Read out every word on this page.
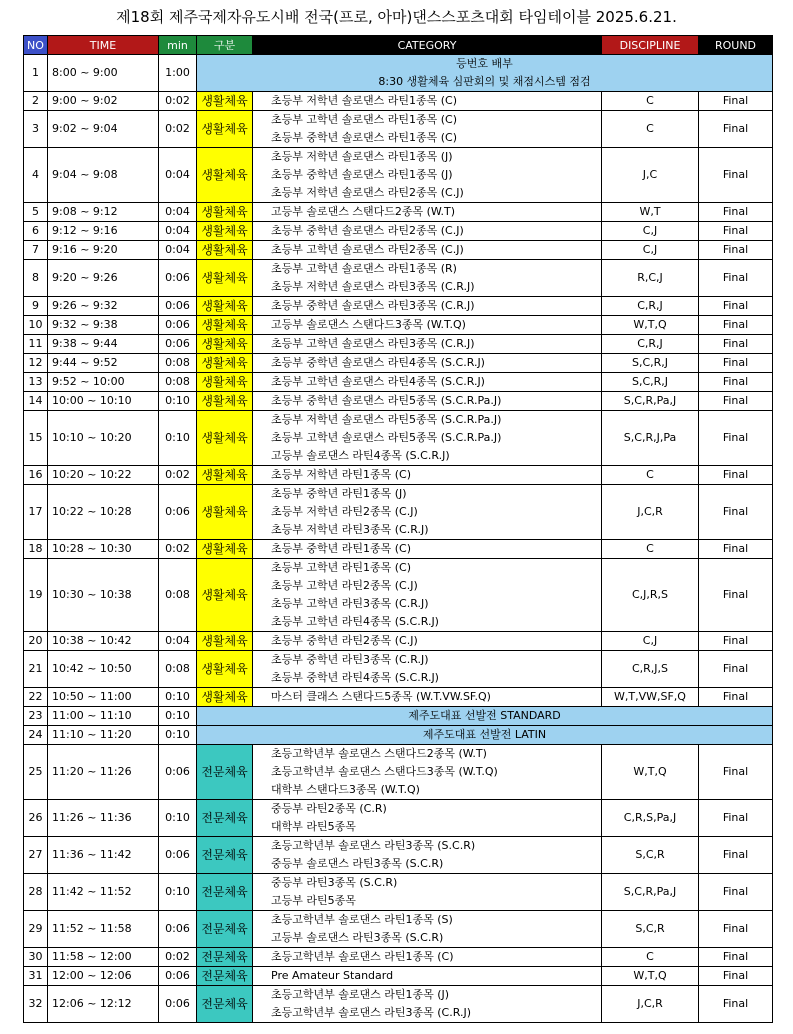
제18회 제주국제자유도시배 전국(프로, 아마)댄스스포츠대회 타임테이블 2025.6.21.
NO	TIME	min	구분	CATEGORY	DISCIPLINE	ROUND
1	8:00 ~ 9:00	1:00	등번호 배부
8:30 생활체육 심판회의 및 채점시스템 점검			

2	9:00 ~ 9:02	0:02	생활체육	초등부 저학년 솔로댄스 라틴1종목 (C)	C	Final
3	9:02 ~ 9:04	0:02	생활체육	초등부 고학년 솔로댄스 라틴1종목 (C)
초등부 중학년 솔로댄스 라틴1종목 (C)	C	Final
4	9:04 ~ 9:08	0:04	생활체육	초등부 저학년 솔로댄스 라틴1종목 (J)
초등부 중학년 솔로댄스 라틴1종목 (J)
초등부 저학년 솔로댄스 라틴2종목 (C.J)	J,C	Final
5	9:08 ~ 9:12	0:04	생활체육	고등부 솔로댄스 스탠다드2종목 (W.T)	W,T	Final
6	9:12 ~ 9:16	0:04	생활체육	초등부 중학년 솔로댄스 라틴2종목 (C.J)	C,J	Final
7	9:16 ~ 9:20	0:04	생활체육	초등부 고학년 솔로댄스 라틴2종목 (C.J)	C,J	Final
8	9:20 ~ 9:26	0:06	생활체육	초등부 고학년 솔로댄스 라틴1종목 (R)
초등부 저학년 솔로댄스 라틴3종목 (C.R.J)	R,C,J	Final
9	9:26 ~ 9:32	0:06	생활체육	초등부 중학년 솔로댄스 라틴3종목 (C.R.J)	C,R,J	Final
10	9:32 ~ 9:38	0:06	생활체육	고등부 솔로댄스 스탠다드3종목 (W.T.Q)	W,T,Q	Final
11	9:38 ~ 9:44	0:06	생활체육	초등부 고학년 솔로댄스 라틴3종목 (C.R.J)	C,R,J	Final
12	9:44 ~ 9:52	0:08	생활체육	초등부 중학년 솔로댄스 라틴4종목 (S.C.R.J)	S,C,R,J	Final
13	9:52 ~ 10:00	0:08	생활체육	초등부 고학년 솔로댄스 라틴4종목 (S.C.R.J)	S,C,R,J	Final
14	10:00 ~ 10:10	0:10	생활체육	초등부 중학년 솔로댄스 라틴5종목 (S.C.R.Pa.J)	S,C,R,Pa,J	Final
15	10:10 ~ 10:20	0:10	생활체육	초등부 저학년 솔로댄스 라틴5종목 (S.C.R.Pa.J)
초등부 고학년 솔로댄스 라틴5종목 (S.C.R.Pa.J)
고등부 솔로댄스 라틴4종목 (S.C.R.J)	S,C,R,J,Pa	Final
16	10:20 ~ 10:22	0:02	생활체육	초등부 저학년 라틴1종목 (C)	C	Final
17	10:22 ~ 10:28	0:06	생활체육	초등부 중학년 라틴1종목 (J)
초등부 저학년 라틴2종목 (C.J)
초등부 저학년 라틴3종목 (C.R.J)	J,C,R	Final
18	10:28 ~ 10:30	0:02	생활체육	초등부 중학년 라틴1종목 (C)	C	Final
19	10:30 ~ 10:38	0:08	생활체육	초등부 고학년 라틴1종목 (C)
초등부 고학년 라틴2종목 (C.J)
초등부 고학년 라틴3종목 (C.R.J)
초등부 고학년 라틴4종목 (S.C.R.J)	C,J,R,S	Final
20	10:38 ~ 10:42	0:04	생활체육	초등부 중학년 라틴2종목 (C.J)	C,J	Final
21	10:42 ~ 10:50	0:08	생활체육	초등부 중학년 라틴3종목 (C.R.J)
초등부 중학년 라틴4종목 (S.C.R.J)	C,R,J,S	Final
22	10:50 ~ 11:00	0:10	생활체육	마스터 클래스 스탠다드5종목 (W.T.VW.SF.Q)	W,T,VW,SF,Q	Final
23	11:00 ~ 11:10	0:10	제주도대표 선발전 STANDARD			

24	11:10 ~ 11:20	0:10	제주도대표 선발전 LATIN			

25	11:20 ~ 11:26	0:06	전문체육	초등고학년부 솔로댄스 스탠다드2종목 (W.T)
초등고학년부 솔로댄스 스탠다드3종목 (W.T.Q)
대학부 스탠다드3종목 (W.T.Q)	W,T,Q	Final
26	11:26 ~ 11:36	0:10	전문체육	중등부 라틴2종목 (C.R)
대학부 라틴5종목	C,R,S,Pa,J	Final
27	11:36 ~ 11:42	0:06	전문체육	초등고학년부 솔로댄스 라틴3종목 (S.C.R)
중등부 솔로댄스 라틴3종목 (S.C.R)	S,C,R	Final
28	11:42 ~ 11:52	0:10	전문체육	중등부 라틴3종목 (S.C.R)
고등부 라틴5종목	S,C,R,Pa,J	Final
29	11:52 ~ 11:58	0:06	전문체육	초등고학년부 솔로댄스 라틴1종목 (S)
고등부 솔로댄스 라틴3종목 (S.C.R)	S,C,R	Final
30	11:58 ~ 12:00	0:02	전문체육	초등고학년부 솔로댄스 라틴1종목 (C)	C	Final
31	12:00 ~ 12:06	0:06	전문체육	Pre Amateur Standard	W,T,Q	Final
32	12:06 ~ 12:12	0:06	전문체육	초등고학년부 솔로댄스 라틴1종목 (J)
초등고학년부 솔로댄스 라틴3종목 (C.R.J)	J,C,R	Final
